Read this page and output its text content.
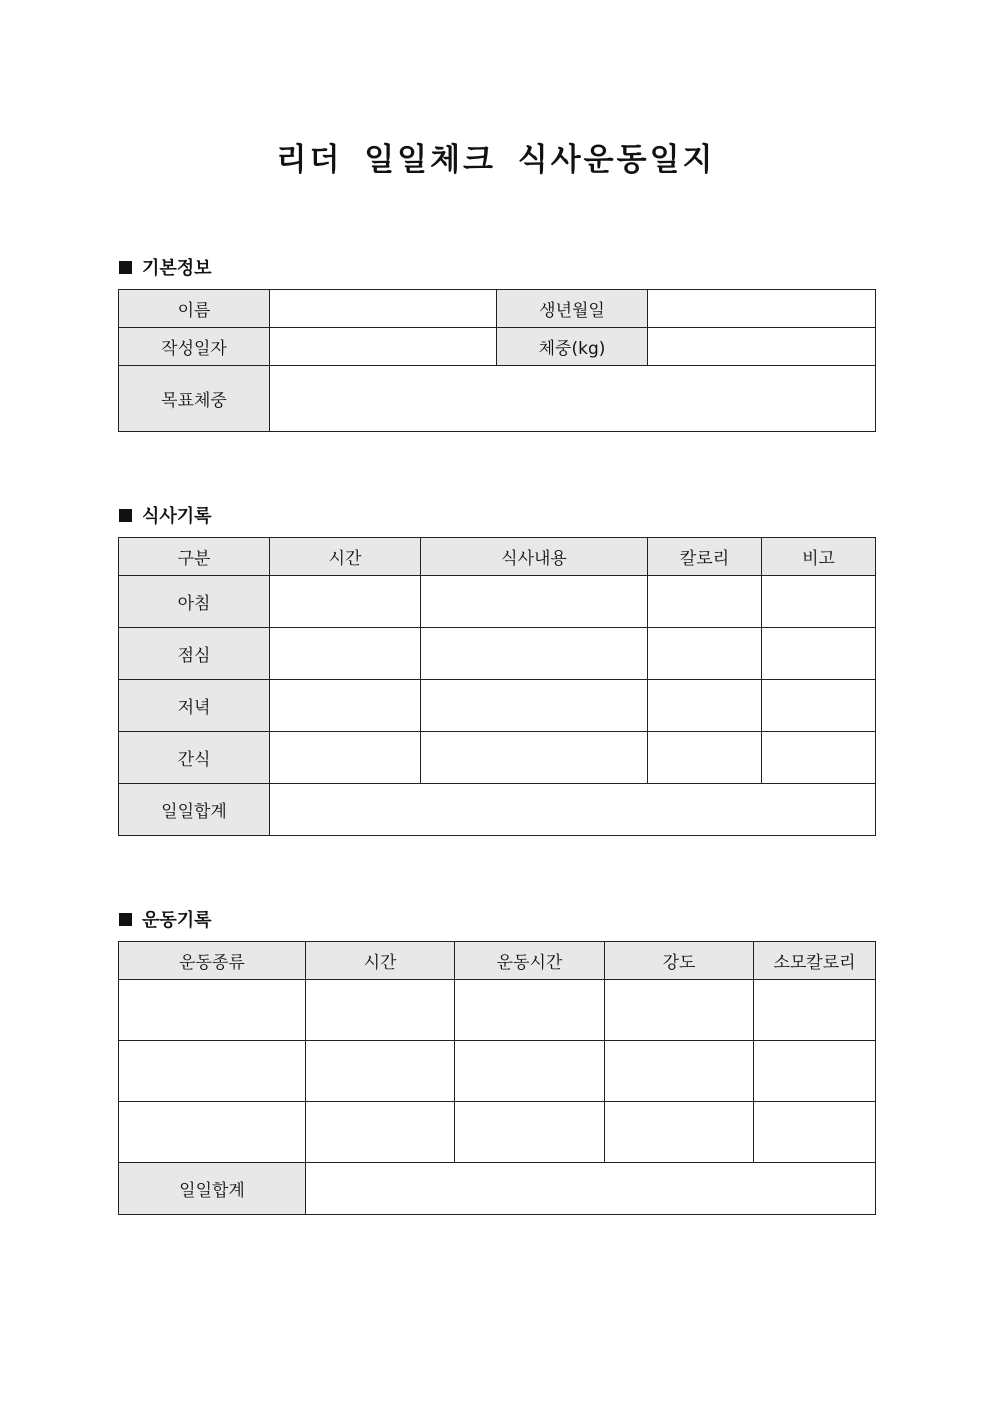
리더 일일체크 식사운동일지
기본정보
이름		생년월일	
작성일자		체중(kg)	
목표체중			
식사기록
구분	시간	식사내용	칼로리	비고
아침				
점심				
저녁				
간식				
일일합계				
운동기록
운동종류	시간	운동시간	강도	소모칼로리

일일합계				
